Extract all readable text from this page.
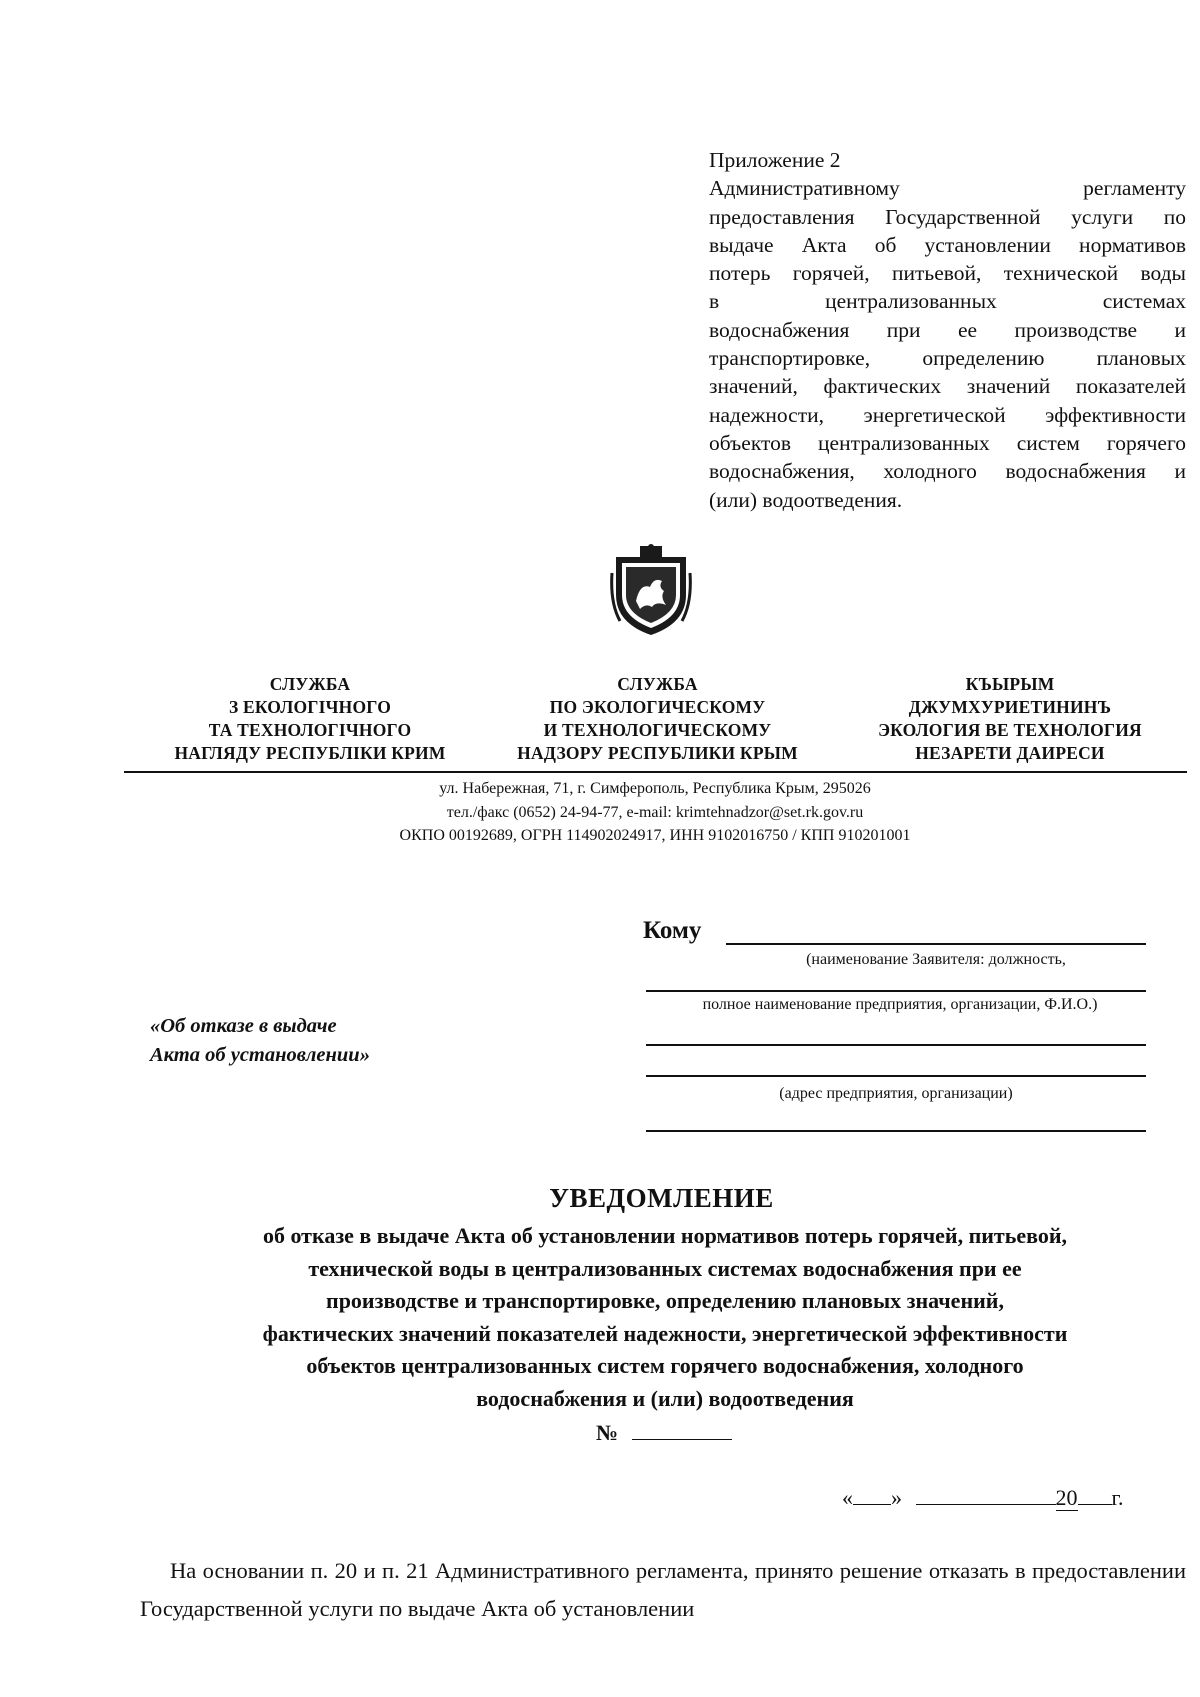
Приложение 2
Административному регламенту
предоставления Государственной услуги по
выдаче Акта об установлении нормативов
потерь горячей, питьевой, технической воды
в централизованных системах
водоснабжения при ее производстве и
транспортировке, определению плановых
значений, фактических значений показателей
надежности, энергетической эффективности
объектов централизованных систем горячего
водоснабжения, холодного водоснабжения и
(или) водоотведения.
СЛУЖБА
З ЕКОЛОГІЧНОГО
ТА ТЕХНОЛОГІЧНОГО
НАГЛЯДУ РЕСПУБЛІКИ КРИМ
СЛУЖБА
ПО ЭКОЛОГИЧЕСКОМУ
И ТЕХНОЛОГИЧЕСКОМУ
НАДЗОРУ РЕСПУБЛИКИ КРЫМ
КЪЫРЫМ
ДЖУМХУРИЕТИНИНЪ
ЭКОЛОГИЯ ВЕ ТЕХНОЛОГИЯ
НЕЗАРЕТИ ДАИРЕСИ
ул. Набережная, 71, г. Симферополь, Республика Крым, 295026
тел./факс (0652) 24-94-77, e-mail: krimtehnadzor@set.rk.gov.ru
ОКПО 00192689, ОГРН 114902024917, ИНН 9102016750 / КПП 910201001
Кому
(наименование Заявителя: должность,
полное наименование предприятия, организации, Ф.И.О.)
(адрес предприятия, организации)
«Об отказе в выдаче
Акта об установлении»
УВЕДОМЛЕНИЕ
об отказе в выдаче Акта об установлении нормативов потерь горячей, питьевой,
технической воды в централизованных системах водоснабжения при ее
производстве и транспортировке, определению плановых значений,
фактических значений показателей надежности, энергетической эффективности
объектов централизованных систем горячего водоснабжения, холодного
водоснабжения и (или) водоотведения
№
« »	20 г.
На основании п. 20 и п. 21 Административного регламента, принято решение отказать в предоставлении Государственной услуги по выдаче Акта об установлении
